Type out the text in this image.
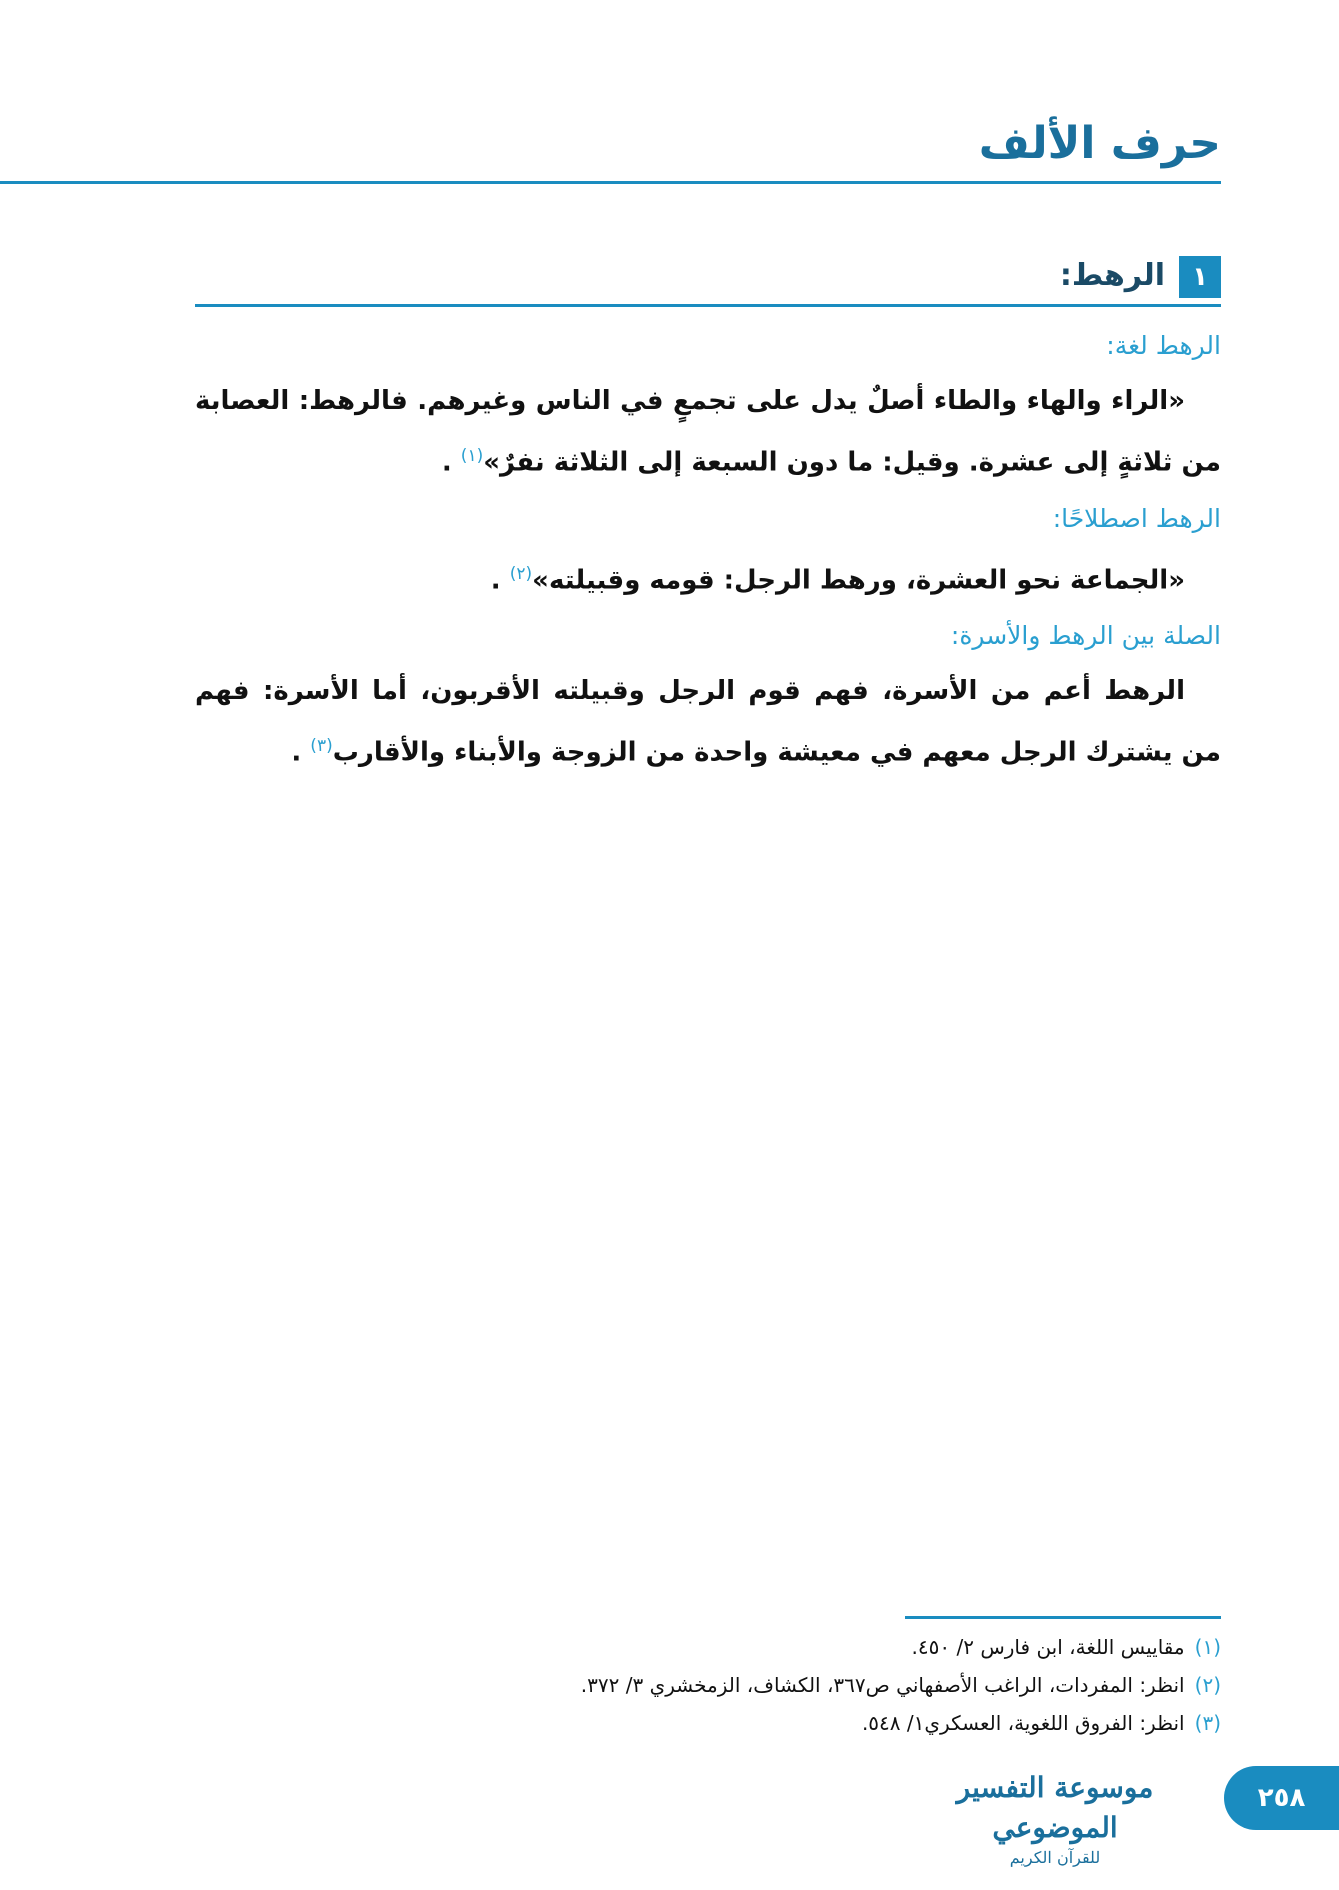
حرف الألف
١
الرهط:
الرهط لغة:

«الراء والهاء والطاء أصلٌ يدل على تجمعٍ في الناس وغيرهم. فالرهط: العصابة من ثلاثةٍ إلى عشرة. وقيل: ما دون السبعة إلى الثلاثة نفرٌ»$^{(١)}$ .

الرهط اصطلاحًا:

«الجماعة نحو العشرة، ورهط الرجل: قومه وقبيلته»$^{(٢)}$ .

الصلة بين الرهط والأسرة:

الرهط أعم من الأسرة، فهم قوم الرجل وقبيلته الأقربون، أما الأسرة: فهم من يشترك الرجل معهم في معيشة واحدة من الزوجة والأبناء والأقارب$^{(٣)}$ .

(١)مقاييس اللغة، ابن فارس ٢/ ٤٥٠.
(٢)انظر: المفردات، الراغب الأصفهاني ص٣٦٧، الكشاف، الزمخشري ٣/ ٣٧٢.
(٣)انظر: الفروق اللغوية، العسكري١/ ٥٤٨.
موسوعة التفسير الموضوعي
للقرآن الكريم
٢٥٨
